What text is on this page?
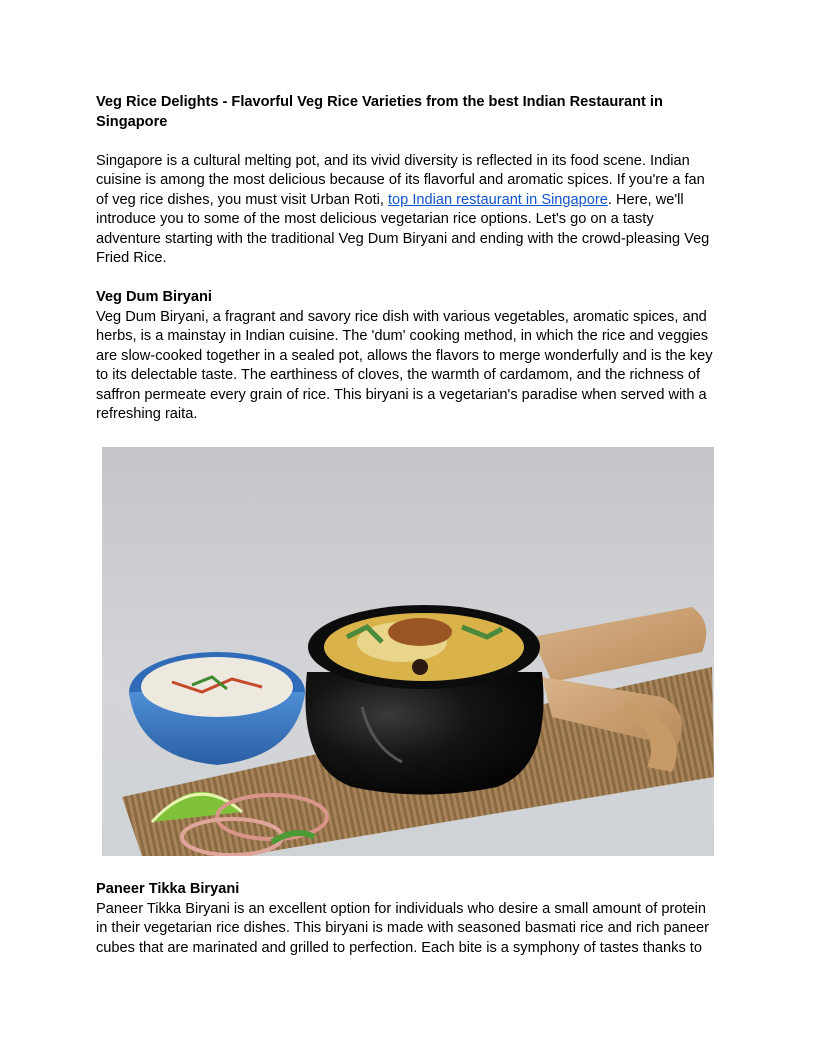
Veg Rice Delights - Flavorful Veg Rice Varieties from the best Indian Restaurant in Singapore

Singapore is a cultural melting pot, and its vivid diversity is reflected in its food scene. Indian cuisine is among the most delicious because of its flavorful and aromatic spices. If you're a fan of veg rice dishes, you must visit Urban Roti, top Indian restaurant in Singapore. Here, we'll introduce you to some of the most delicious vegetarian rice options. Let's go on a tasty adventure starting with the traditional Veg Dum Biryani and ending with the crowd-pleasing Veg Fried Rice.

Veg Dum Biryani

Veg Dum Biryani, a fragrant and savory rice dish with various vegetables, aromatic spices, and herbs, is a mainstay in Indian cuisine. The 'dum' cooking method, in which the rice and veggies are slow-cooked together in a sealed pot, allows the flavors to merge wonderfully and is the key to its delectable taste. The earthiness of cloves, the warmth of cardamom, and the richness of saffron permeate every grain of rice. This biryani is a vegetarian's paradise when served with a refreshing raita.

Paneer Tikka Biryani

Paneer Tikka Biryani is an excellent option for individuals who desire a small amount of protein in their vegetarian rice dishes. This biryani is made with seasoned basmati rice and rich paneer cubes that are marinated and grilled to perfection. Each bite is a symphony of tastes thanks to
